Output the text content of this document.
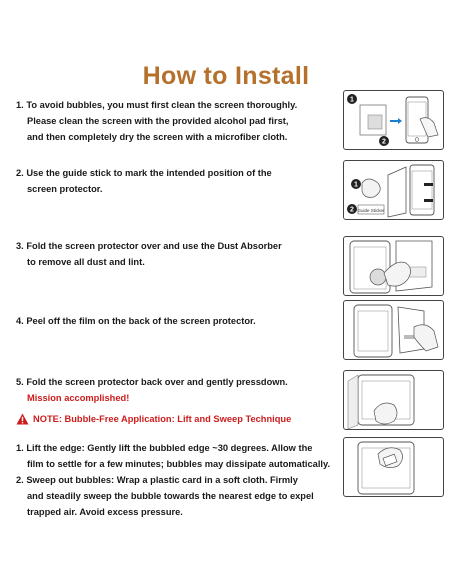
How to Install
1. To avoid bubbles, you must first clean the screen thoroughly.
Please clean the screen with the provided alcohol pad first,
and then completely dry the screen with a microfiber cloth.
2. Use the guide stick to mark the intended position of the
screen protector.
3. Fold the screen protector over and use the Dust Absorber
to remove all dust and lint.
4. Peel off the film on the back of the screen protector.
5. Fold the screen protector back over and gently pressdown.
Mission accomplished!
NOTE: Bubble-Free Application: Lift and Sweep Technique
1. Lift the edge: Gently lift the bubbled edge ~30 degrees. Allow the
film to settle for a few minutes; bubbles may dissipate automatically.
2. Sweep out bubbles: Wrap a plastic card in a soft cloth. Firmly
and steadily sweep the bubble towards the nearest edge to expel
trapped air. Avoid excess pressure.
1
2
1
2 Guide Sticker
